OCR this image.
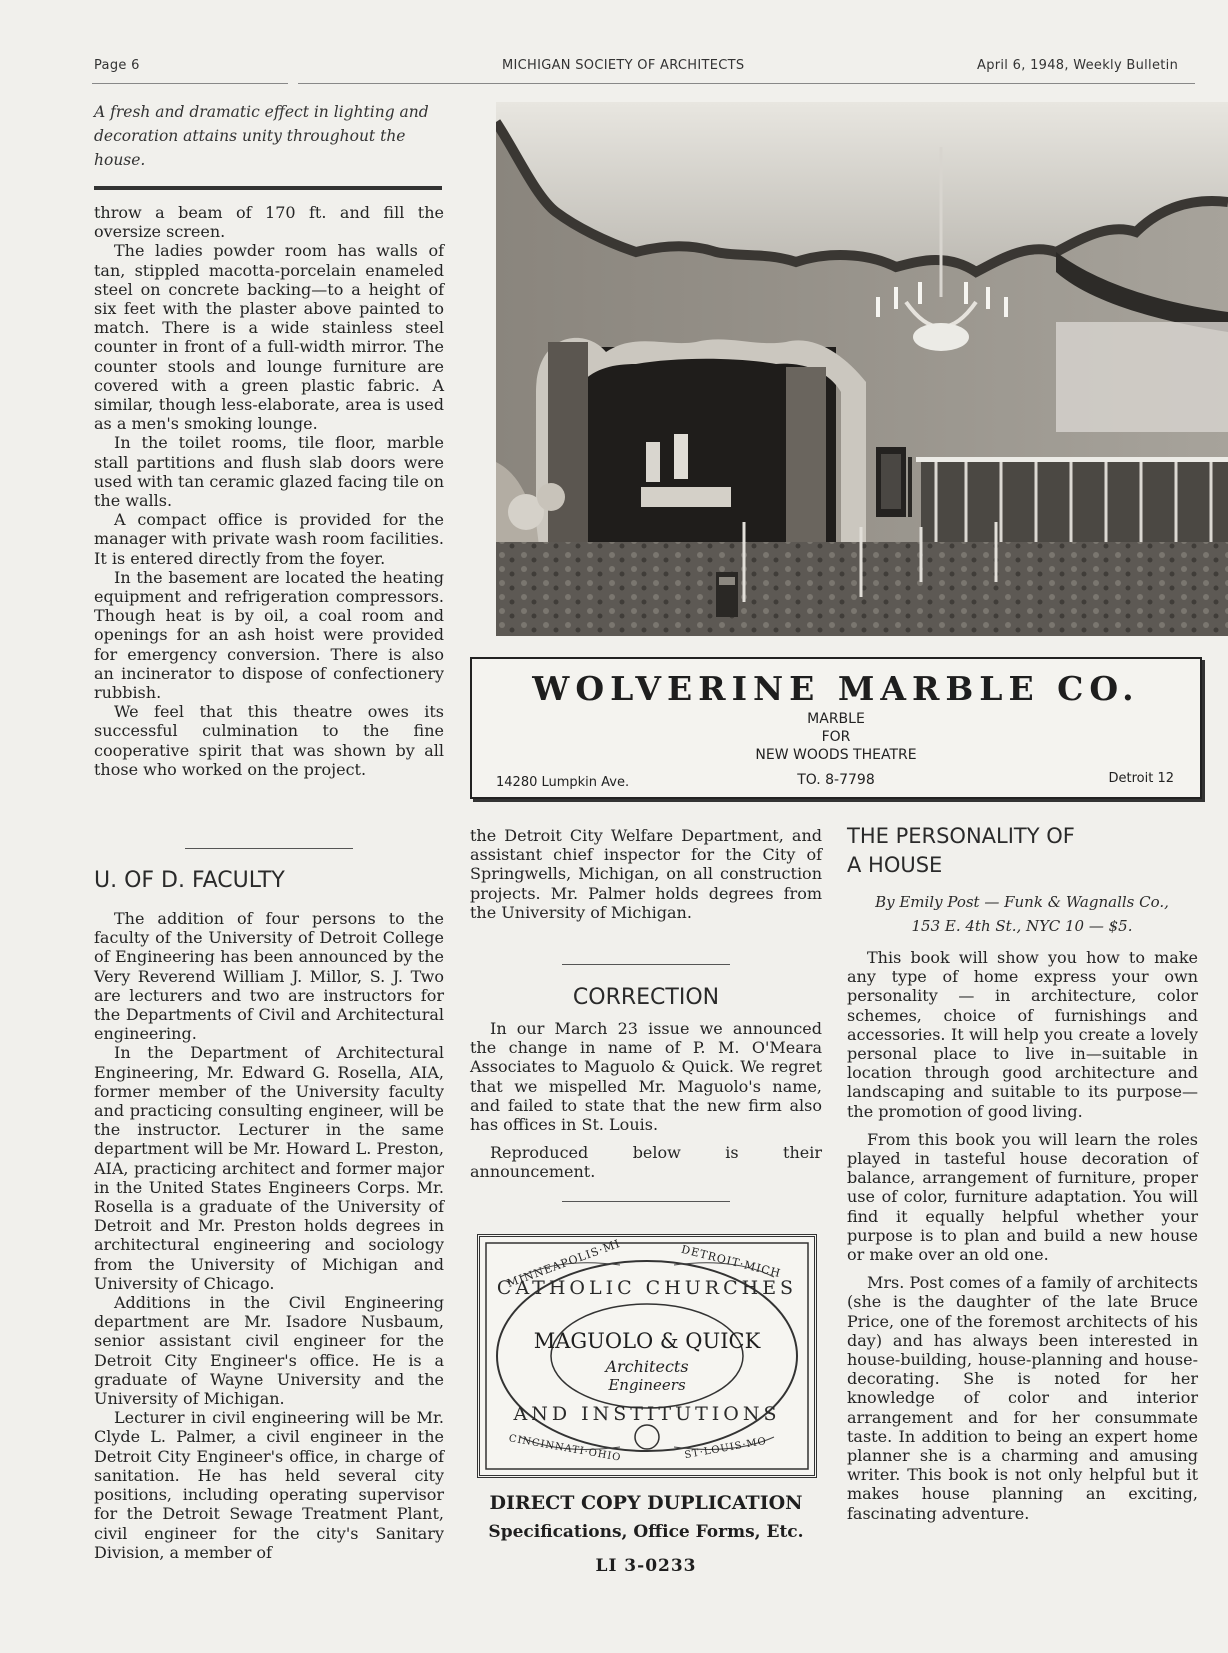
Page 6	MICHIGAN SOCIETY OF ARCHITECTS	April 6, 1948, Weekly Bulletin
A fresh and dramatic effect in lighting and decoration attains unity throughout the house.

throw a beam of 170 ft. and fill the oversize screen.

The ladies powder room has walls of tan, stippled macotta-porcelain enameled steel on concrete backing—to a height of six feet with the plaster above painted to match. There is a wide stainless steel counter in front of a full-width mirror. The counter stools and lounge furniture are covered with a green plastic fabric. A similar, though less-elaborate, area is used as a men's smoking lounge.

In the toilet rooms, tile floor, marble stall partitions and flush slab doors were used with tan ceramic glazed facing tile on the walls.

A compact office is provided for the manager with private wash room facilities. It is entered directly from the foyer.

In the basement are located the heating equipment and refrigeration compressors. Though heat is by oil, a coal room and openings for an ash hoist were provided for emergency conversion. There is also an incinerator to dispose of confectionery rubbish.

We feel that this theatre owes its successful culmination to the fine cooperative spirit that was shown by all those who worked on the project.

U. OF D. FACULTY

The addition of four persons to the faculty of the University of Detroit College of Engineering has been announced by the Very Reverend William J. Millor, S. J. Two are lecturers and two are instructors for the Departments of Civil and Architectural engineering.

In the Department of Architectural Engineering, Mr. Edward G. Rosella, AIA, former member of the University faculty and practicing consulting engineer, will be the instructor. Lecturer in the same department will be Mr. Howard L. Preston, AIA, practicing architect and former major in the United States Engineers Corps. Mr. Rosella is a graduate of the University of Detroit and Mr. Preston holds degrees in architectural engineering and sociology from the University of Michigan and University of Chicago.

Additions in the Civil Engineering department are Mr. Isadore Nusbaum, senior assistant civil engineer for the Detroit City Engineer's office. He is a graduate of Wayne University and the University of Michigan.

Lecturer in civil engineering will be Mr. Clyde L. Palmer, a civil engineer in the Detroit City Engineer's office, in charge of sanitation. He has held several city positions, including operating supervisor for the Detroit Sewage Treatment Plant, civil engineer for the city's Sanitary Division, a member of

WOLVERINE MARBLE CO.
MARBLE
FOR
NEW WOODS THEATRE
14280 Lumpkin Ave.	TO. 8-7798	Detroit 12

the Detroit City Welfare Department, and assistant chief inspector for the City of Springwells, Michigan, on all construction projects. Mr. Palmer holds degrees from the University of Michigan.

CORRECTION

In our March 23 issue we announced the change in name of P. M. O'Meara Associates to Maguolo & Quick. We regret that we mispelled Mr. Maguolo's name, and failed to state that the new firm also has offices in St. Louis.

Reproduced below is their announcement.

MINNEAPOLIS·MI	DETROIT·MICH
CATHOLIC CHURCHES
MAGUOLO & QUICK
Architects
Engineers
AND INSTITUTIONS
CINCINNATI·OHIO	ST·LOUIS·MO
DIRECT COPY DUPLICATION
Specifications, Office Forms, Etc.
LI 3-0233
THE PERSONALITY OF
A HOUSE
By Emily Post — Funk & Wagnalls Co.,
153 E. 4th St., NYC 10 — $5.

This book will show you how to make any type of home express your own personality — in architecture, color schemes, choice of furnishings and accessories. It will help you create a lovely personal place to live in—suitable in location through good architecture and landscaping and suitable to its purpose—the promotion of good living.

From this book you will learn the roles played in tasteful house decoration of balance, arrangement of furniture, proper use of color, furniture adaptation. You will find it equally helpful whether your purpose is to plan and build a new house or make over an old one.

Mrs. Post comes of a family of architects (she is the daughter of the late Bruce Price, one of the foremost architects of his day) and has always been interested in house-building, house-planning and house-decorating. She is noted for her knowledge of color and interior arrangement and for her consummate taste. In addition to being an expert home planner she is a charming and amusing writer. This book is not only helpful but it makes house planning an exciting, fascinating adventure.
